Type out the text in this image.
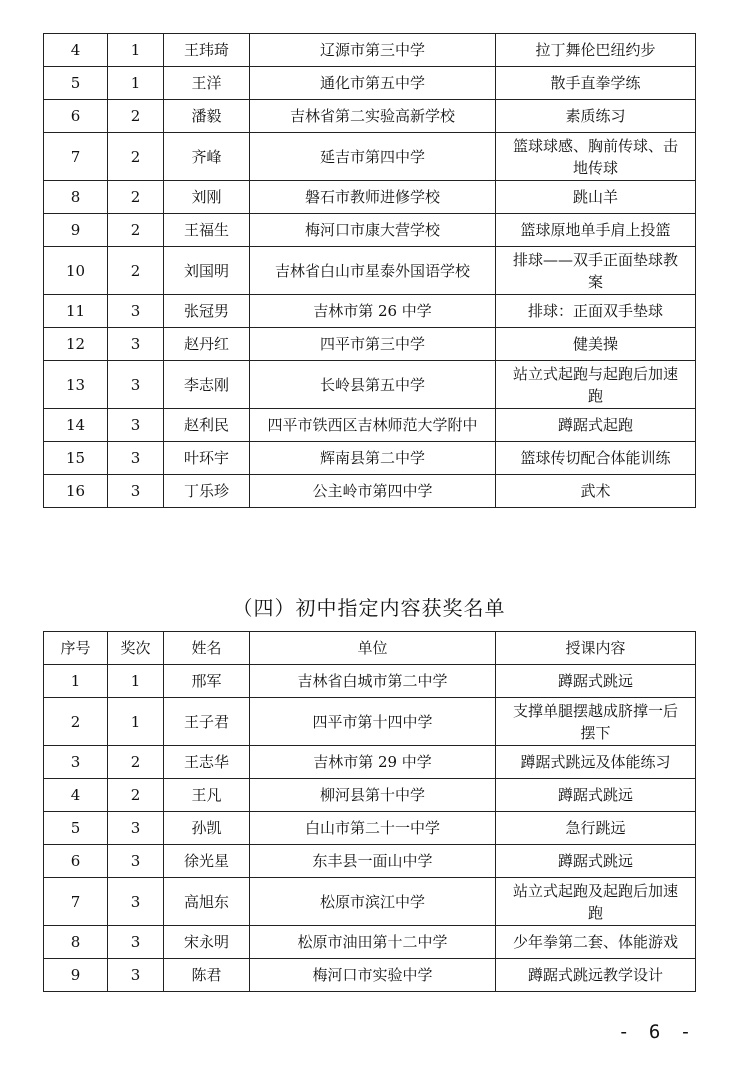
4	1	王玮琦	辽源市第三中学	拉丁舞伦巴纽约步
5	1	王洋	通化市第五中学	散手直拳学练
6	2	潘毅	吉林省第二实验高新学校	素质练习
7	2	齐峰	延吉市第四中学	篮球球感、胸前传球、击地传球
8	2	刘刚	磐石市教师进修学校	跳山羊
9	2	王福生	梅河口市康大营学校	篮球原地单手肩上投篮
10	2	刘国明	吉林省白山市星泰外国语学校	排球——双手正面垫球教案
11	3	张冠男	吉林市第 26 中学	排球：正面双手垫球
12	3	赵丹红	四平市第三中学	健美操
13	3	李志刚	长岭县第五中学	站立式起跑与起跑后加速跑
14	3	赵利民	四平市铁西区吉林师范大学附中	蹲踞式起跑
15	3	叶环宇	辉南县第二中学	篮球传切配合体能训练
16	3	丁乐珍	公主岭市第四中学	武术
（四）初中指定内容获奖名单
序号	奖次	姓名	单位	授课内容
1	1	邢军	吉林省白城市第二中学	蹲踞式跳远
2	1	王子君	四平市第十四中学	支撑单腿摆越成脐撑一后摆下
3	2	王志华	吉林市第 29 中学	蹲踞式跳远及体能练习
4	2	王凡	柳河县第十中学	蹲踞式跳远
5	3	孙凯	白山市第二十一中学	急行跳远
6	3	徐光星	东丰县一面山中学	蹲踞式跳远
7	3	高旭东	松原市滨江中学	站立式起跑及起跑后加速跑
8	3	宋永明	松原市油田第十二中学	少年拳第二套、体能游戏
9	3	陈君	梅河口市实验中学	蹲踞式跳远教学设计
- 6 -
